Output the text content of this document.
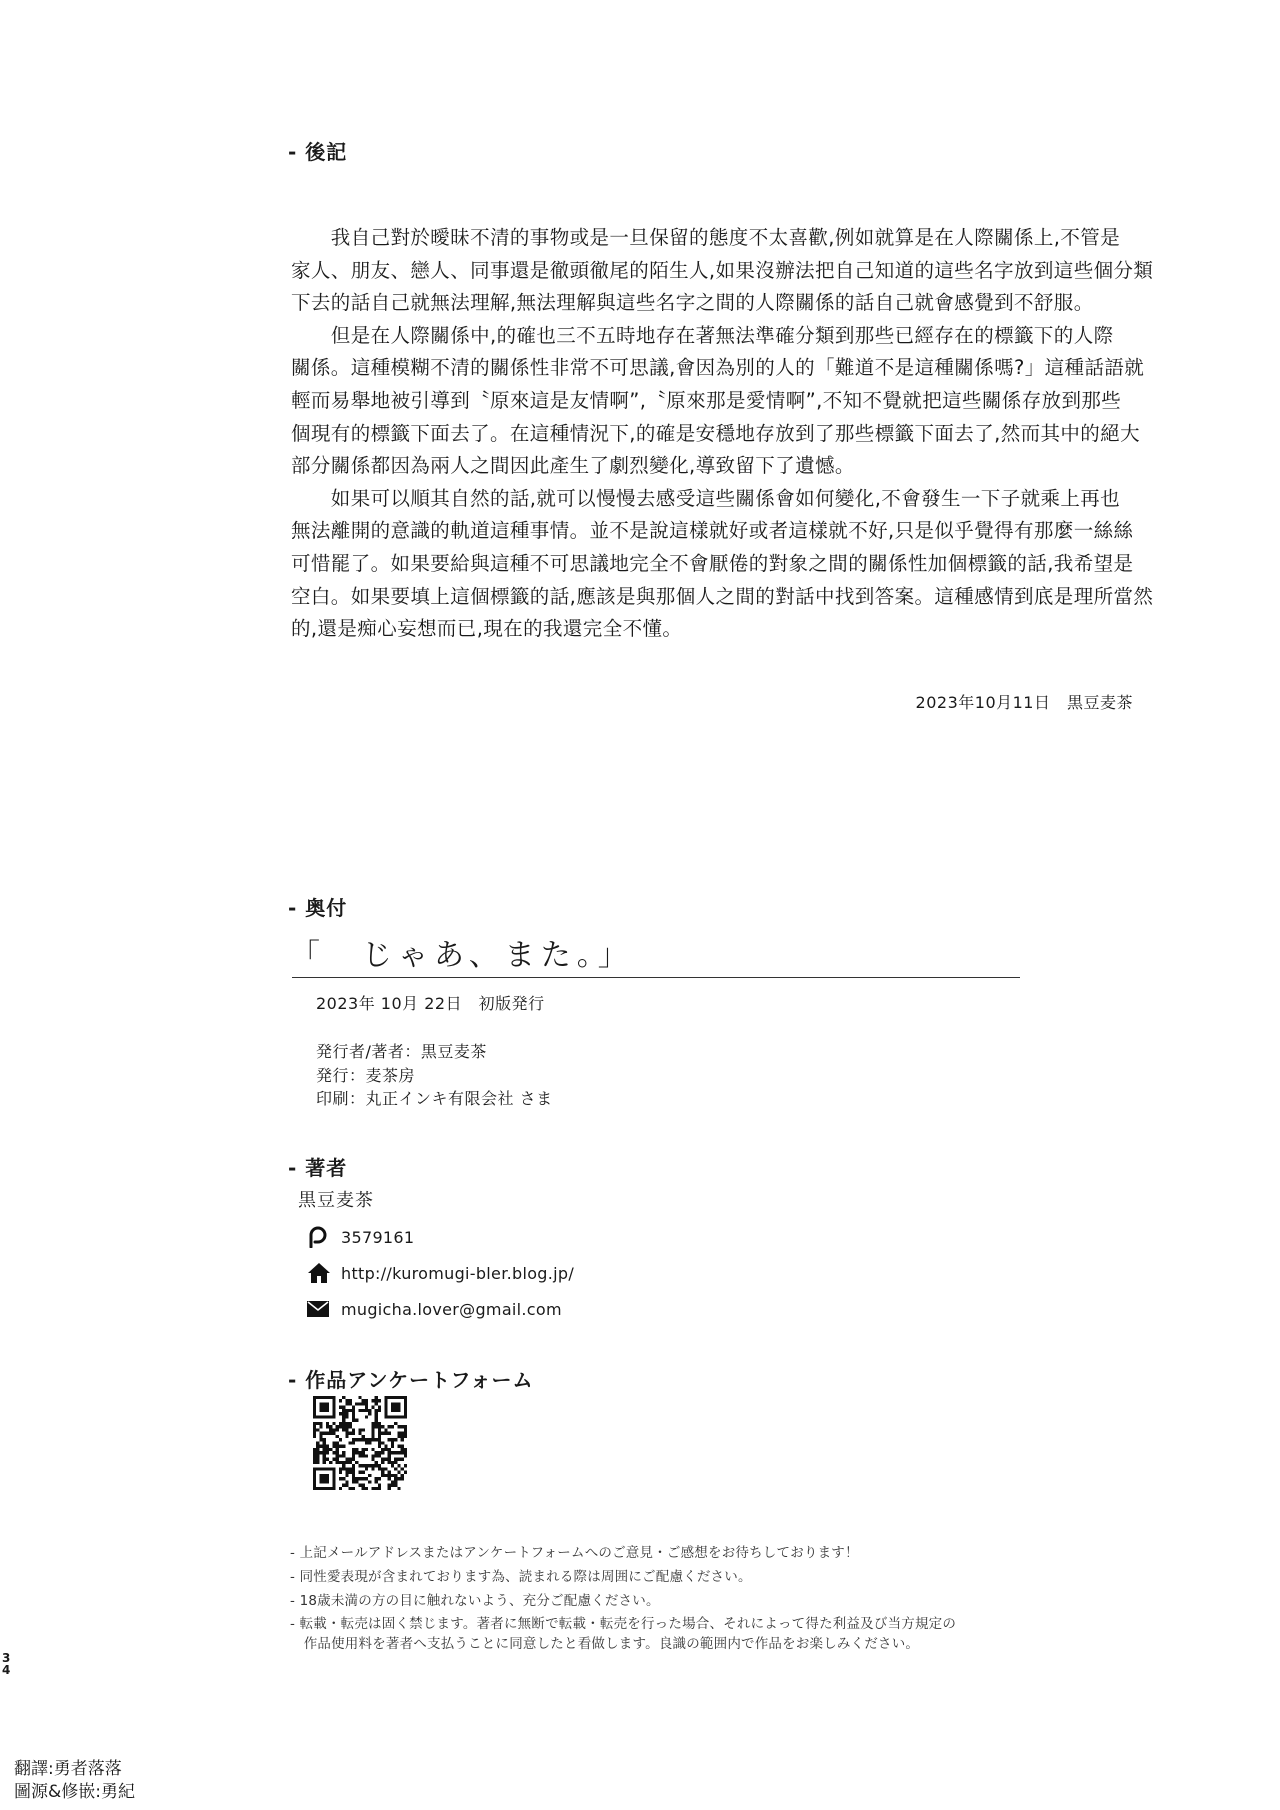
- 後記

　　我自己對於曖昧不清的事物或是一旦保留的態度不太喜歡,例如就算是在人際關係上,不管是
家人、朋友、戀人、同事還是徹頭徹尾的陌生人,如果沒辦法把自己知道的這些名字放到這些個分類
下去的話自己就無法理解,無法理解與這些名字之間的人際關係的話自己就會感覺到不舒服。

　　但是在人際關係中,的確也三不五時地存在著無法準確分類到那些已經存在的標籤下的人際
關係。這種模糊不清的關係性非常不可思議,會因為別的人的「難道不是這種關係嗎?」這種話語就
輕而易舉地被引導到〝原來這是友情啊”,〝原來那是愛情啊”,不知不覺就把這些關係存放到那些
個現有的標籤下面去了。在這種情況下,的確是安穩地存放到了那些標籤下面去了,然而其中的絕大
部分關係都因為兩人之間因此產生了劇烈變化,導致留下了遺憾。

　　如果可以順其自然的話,就可以慢慢去感受這些關係會如何變化,不會發生一下子就乘上再也
無法離開的意識的軌道這種事情。並不是說這樣就好或者這樣就不好,只是似乎覺得有那麼一絲絲
可惜罷了。如果要給與這種不可思議地完全不會厭倦的對象之間的關係性加個標籤的話,我希望是
空白。如果要填上這個標籤的話,應該是與那個人之間的對話中找到答案。這種感情到底是理所當然
的,還是痴心妄想而已,現在的我還完全不懂。

2023年10月11日　黒豆麦茶
- 奥付
「　じゃあ、また。」
2023年 10月 22日　初版発行
発行者/著者：黒豆麦茶
発行：麦茶房
印刷：丸正インキ有限会社 さま
- 著者
黒豆麦茶
3579161
http://kuromugi-bler.blog.jp/
mugicha.lover@gmail.com
- 作品アンケートフォーム
- 上記メールアドレスまたはアンケートフォームへのご意見・ご感想をお待ちしております！
- 同性愛表現が含まれております為、読まれる際は周囲にご配慮ください。
- 18歳未満の方の目に触れないよう、充分ご配慮ください。
- 転載・転売は固く禁じます。著者に無断で転載・転売を行った場合、それによって得た利益及び当方規定の
　作品使用料を著者へ支払うことに同意したと看做します。良識の範囲内で作品をお楽しみください。
3
4
翻譯:勇者落落
圖源&修嵌:勇紀
